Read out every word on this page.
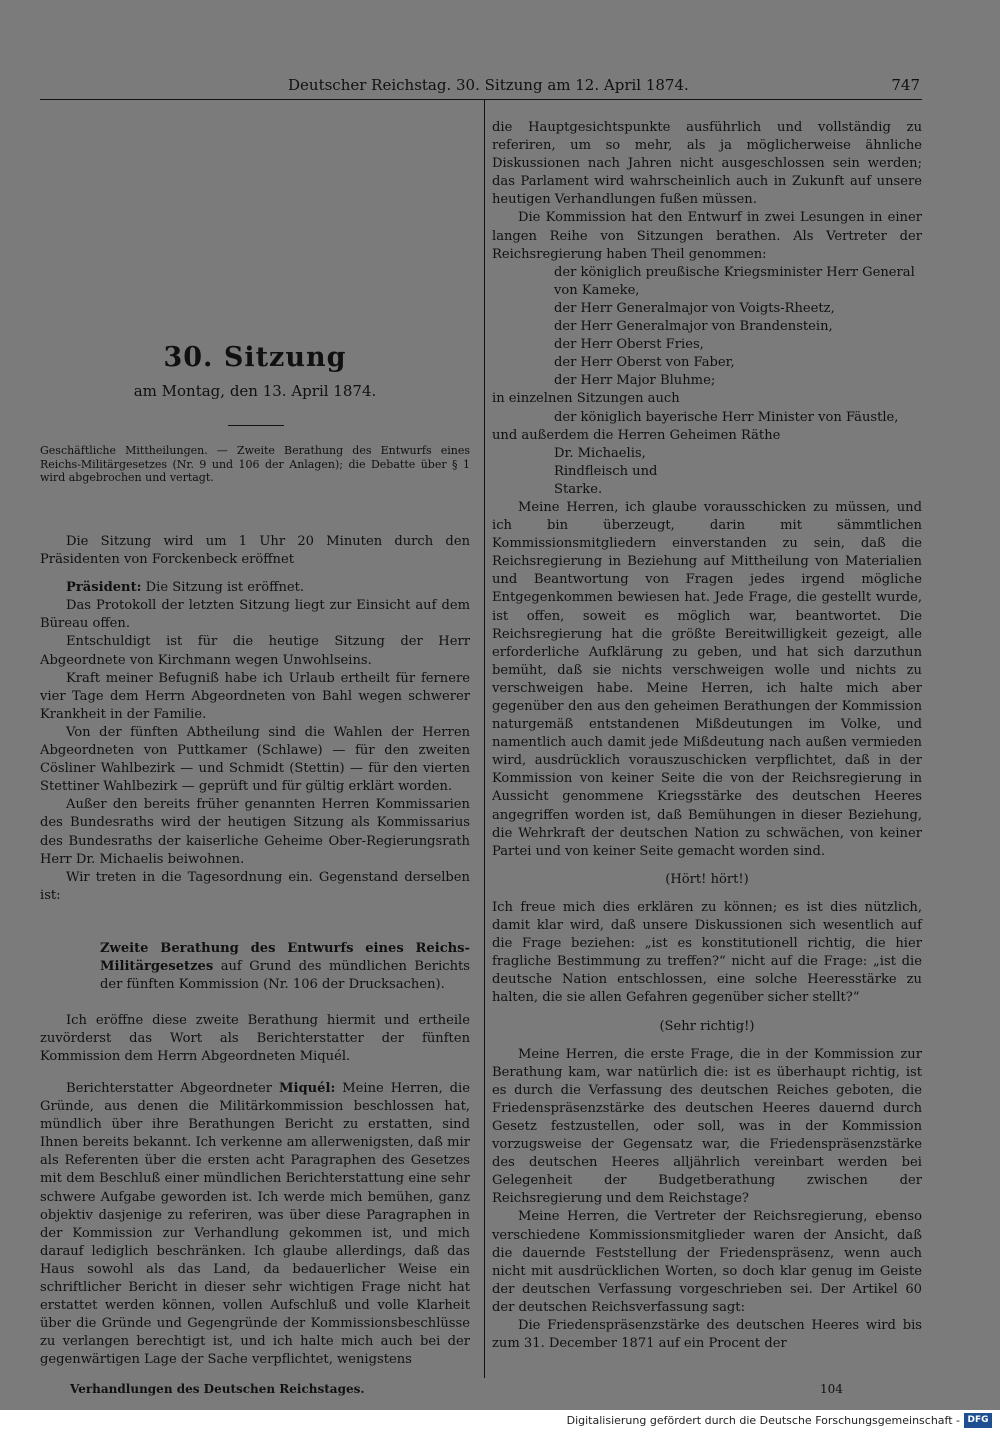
Deutscher Reichstag. 30. Sitzung am 12. April 1874.	747
30. Sitzung
am Montag, den 13. April 1874.
Geschäftliche Mittheilungen. — Zweite Berathung des Entwurfs eines Reichs-Militärgesetzes (Nr. 9 und 106 der Anlagen); die Debatte über § 1 wird abgebrochen und vertagt.

Die Sitzung wird um 1 Uhr 20 Minuten durch den Präsidenten von Forckenbeck eröffnet

Präsident: Die Sitzung ist eröffnet.

Das Protokoll der letzten Sitzung liegt zur Einsicht auf dem Büreau offen.

Entschuldigt ist für die heutige Sitzung der Herr Abgeordnete von Kirchmann wegen Unwohlseins.

Kraft meiner Befugniß habe ich Urlaub ertheilt für fernere vier Tage dem Herrn Abgeordneten von Bahl wegen schwerer Krankheit in der Familie.

Von der fünften Abtheilung sind die Wahlen der Herren Abgeordneten von Puttkamer (Schlawe) — für den zweiten Cösliner Wahlbezirk — und Schmidt (Stettin) — für den vierten Stettiner Wahlbezirk — geprüft und für gültig erklärt worden.

Außer den bereits früher genannten Herren Kommissarien des Bundesraths wird der heutigen Sitzung als Kommissarius des Bundesraths der kaiserliche Geheime Ober-Regierungsrath Herr Dr. Michaelis beiwohnen.

Wir treten in die Tagesordnung ein. Gegenstand derselben ist:

Zweite Berathung des Entwurfs eines Reichs-Militärgesetzes auf Grund des mündlichen Berichts der fünften Kommission (Nr. 106 der Drucksachen).

Ich eröffne diese zweite Berathung hiermit und ertheile zuvörderst das Wort als Berichterstatter der fünften Kommission dem Herrn Abgeordneten Miquél.

Berichterstatter Abgeordneter Miquél: Meine Herren, die Gründe, aus denen die Militärkommission beschlossen hat, mündlich über ihre Berathungen Bericht zu erstatten, sind Ihnen bereits bekannt. Ich verkenne am allerwenigsten, daß mir als Referenten über die ersten acht Paragraphen des Gesetzes mit dem Beschluß einer mündlichen Berichterstattung eine sehr schwere Aufgabe geworden ist. Ich werde mich bemühen, ganz objektiv dasjenige zu referiren, was über diese Paragraphen in der Kommission zur Verhandlung gekommen ist, und mich darauf lediglich beschränken. Ich glaube allerdings, daß das Haus sowohl als das Land, da bedauerlicher Weise ein schriftlicher Bericht in dieser sehr wichtigen Frage nicht hat erstattet werden können, vollen Aufschluß und volle Klarheit über die Gründe und Gegengründe der Kommissionsbeschlüsse zu verlangen berechtigt ist, und ich halte mich auch bei der gegenwärtigen Lage der Sache verpflichtet, wenigstens

die Hauptgesichtspunkte ausführlich und vollständig zu referiren, um so mehr, als ja möglicherweise ähnliche Diskussionen nach Jahren nicht ausgeschlossen sein werden; das Parlament wird wahrscheinlich auch in Zukunft auf unsere heutigen Verhandlungen fußen müssen.

Die Kommission hat den Entwurf in zwei Lesungen in einer langen Reihe von Sitzungen berathen. Als Vertreter der Reichsregierung haben Theil genommen:

der königlich preußische Kriegsminister Herr General von Kameke,

der Herr Generalmajor von Voigts-Rheetz,

der Herr Generalmajor von Brandenstein,

der Herr Oberst Fries,

der Herr Oberst von Faber,

der Herr Major Bluhme;

in einzelnen Sitzungen auch

der königlich bayerische Herr Minister von Fäustle,

und außerdem die Herren Geheimen Räthe

Dr. Michaelis,

Rindfleisch und

Starke.

Meine Herren, ich glaube vorausschicken zu müssen, und ich bin überzeugt, darin mit sämmtlichen Kommissionsmitgliedern einverstanden zu sein, daß die Reichsregierung in Beziehung auf Mittheilung von Materialien und Beantwortung von Fragen jedes irgend mögliche Entgegenkommen bewiesen hat. Jede Frage, die gestellt wurde, ist offen, soweit es möglich war, beantwortet. Die Reichsregierung hat die größte Bereitwilligkeit gezeigt, alle erforderliche Aufklärung zu geben, und hat sich darzuthun bemüht, daß sie nichts verschweigen wolle und nichts zu verschweigen habe. Meine Herren, ich halte mich aber gegenüber den aus den geheimen Berathungen der Kommission naturgemäß entstandenen Mißdeutungen im Volke, und namentlich auch damit jede Mißdeutung nach außen vermieden wird, ausdrücklich vorauszuschicken verpflichtet, daß in der Kommission von keiner Seite die von der Reichsregierung in Aussicht genommene Kriegsstärke des deutschen Heeres angegriffen worden ist, daß Bemühungen in dieser Beziehung, die Wehrkraft der deutschen Nation zu schwächen, von keiner Partei und von keiner Seite gemacht worden sind.

(Hört! hört!)

Ich freue mich dies erklären zu können; es ist dies nützlich, damit klar wird, daß unsere Diskussionen sich wesentlich auf die Frage beziehen: „ist es konstitutionell richtig, die hier fragliche Bestimmung zu treffen?“ nicht auf die Frage: „ist die deutsche Nation entschlossen, eine solche Heeresstärke zu halten, die sie allen Gefahren gegenüber sicher stellt?“

(Sehr richtig!)

Meine Herren, die erste Frage, die in der Kommission zur Berathung kam, war natürlich die: ist es überhaupt richtig, ist es durch die Verfassung des deutschen Reiches geboten, die Friedenspräsenzstärke des deutschen Heeres dauernd durch Gesetz festzustellen, oder soll, was in der Kommission vorzugsweise der Gegensatz war, die Friedenspräsenzstärke des deutschen Heeres alljährlich vereinbart werden bei Gelegenheit der Budgetberathung zwischen der Reichsregierung und dem Reichstage?

Meine Herren, die Vertreter der Reichsregierung, ebenso verschiedene Kommissionsmitglieder waren der Ansicht, daß die dauernde Feststellung der Friedenspräsenz, wenn auch nicht mit ausdrücklichen Worten, so doch klar genug im Geiste der deutschen Verfassung vorgeschrieben sei. Der Artikel 60 der deutschen Reichsverfassung sagt:

Die Friedenspräsenzstärke des deutschen Heeres wird bis zum 31. December 1871 auf ein Procent der

Verhandlungen des Deutschen Reichstages.	104
Digitalisierung gefördert durch die Deutsche Forschungsgemeinschaft - DFG
